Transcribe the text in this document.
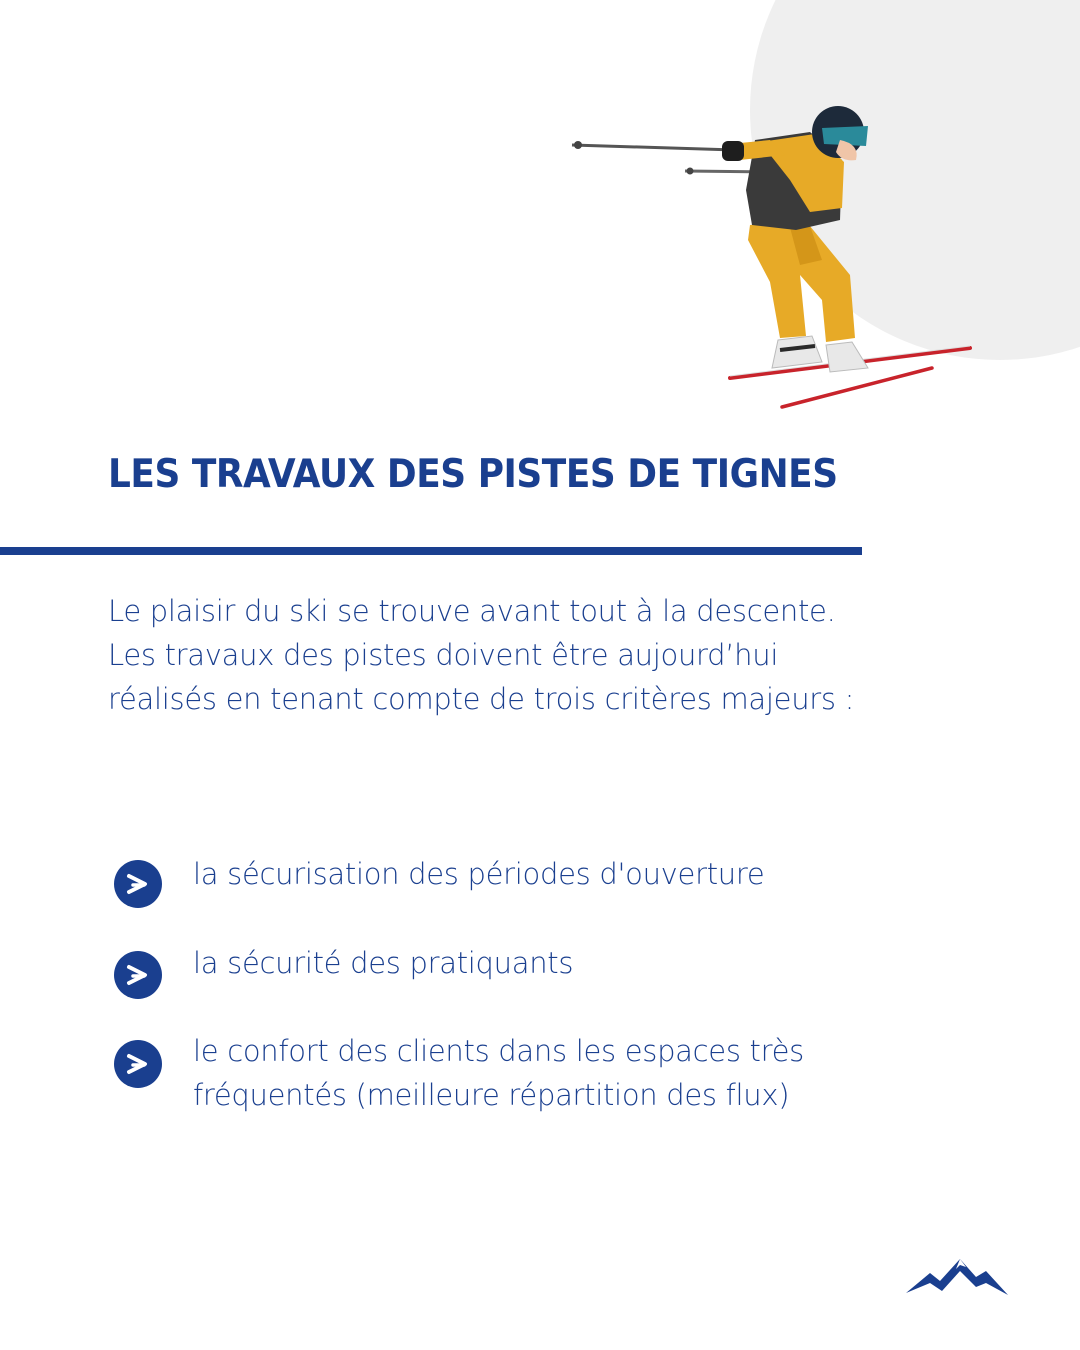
LES TRAVAUX DES PISTES DE TIGNES

Le plaisir du ski se trouve avant tout à la descente. Les travaux des pistes doivent être aujourd’hui réalisés en tenant compte de trois critères majeurs :

la sécurisation des périodes d'ouverture
la sécurité des pratiquants
le confort des clients dans les espaces très fréquentés (meilleure répartition des flux)
